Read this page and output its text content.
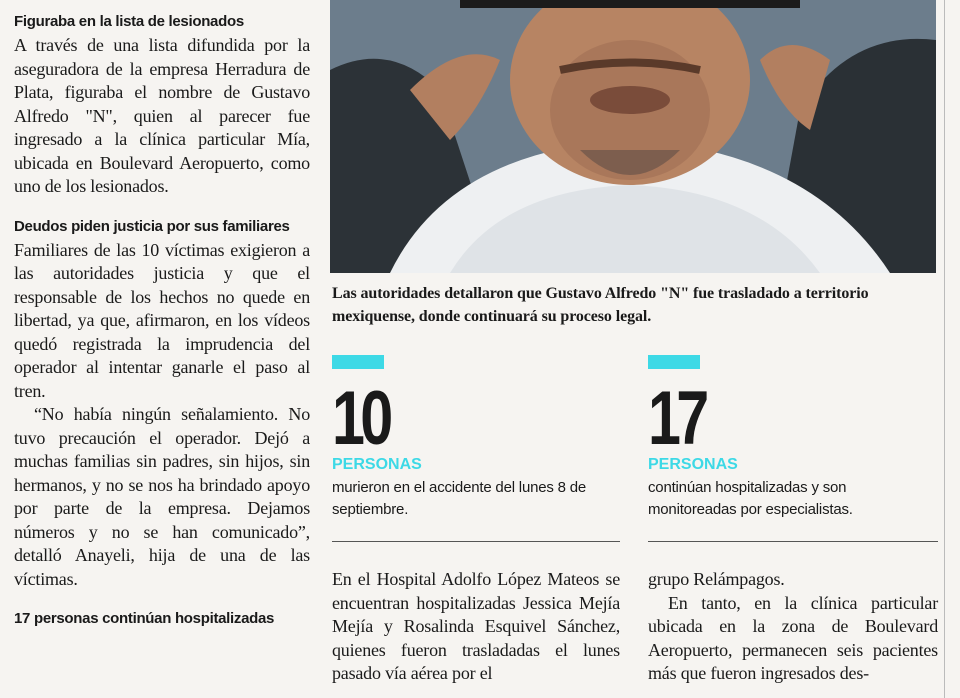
Figuraba en la lista de lesionados

A través de una lista difundida por la aseguradora de la empresa Herradura de Plata, figuraba el nombre de Gustavo Alfredo "N", quien al parecer fue ingresado a la clínica particular Mía, ubicada en Boulevard Aeropuerto, como uno de los lesionados.

Deudos piden justicia por sus familiares

Familiares de las 10 víctimas exigieron a las autoridades justicia y que el responsable de los hechos no quede en libertad, ya que, afirmaron, en los vídeos quedó registrada la imprudencia del operador al intentar ganarle el paso al tren.

“No había ningún señalamiento. No tuvo precaución el operador. Dejó a muchas familias sin padres, sin hijos, sin hermanos, y no se nos ha brindado apoyo por parte de la empresa. Dejamos números y no se han comunicado”, detalló Anayeli, hija de una de las víctimas.

17 personas continúan hospitalizadas
Las autoridades detallaron que Gustavo Alfredo "N" fue trasladado a territorio mexiquense, donde continuará su proceso legal.
10
PERSONAS
murieron en el accidente del lunes 8 de septiembre.
17
PERSONAS
continúan hospitalizadas y son monitoreadas por especialistas.

En el Hospital Adolfo López Mateos se encuentran hospitalizadas Jessica Mejía Mejía y Rosalinda Esquivel Sánchez, quienes fueron trasladadas el lunes pasado vía aérea por el

grupo Relámpagos.

En tanto, en la clínica particular ubicada en la zona de Boulevard Aeropuerto, permanecen seis pacientes más que fueron ingresados des-
